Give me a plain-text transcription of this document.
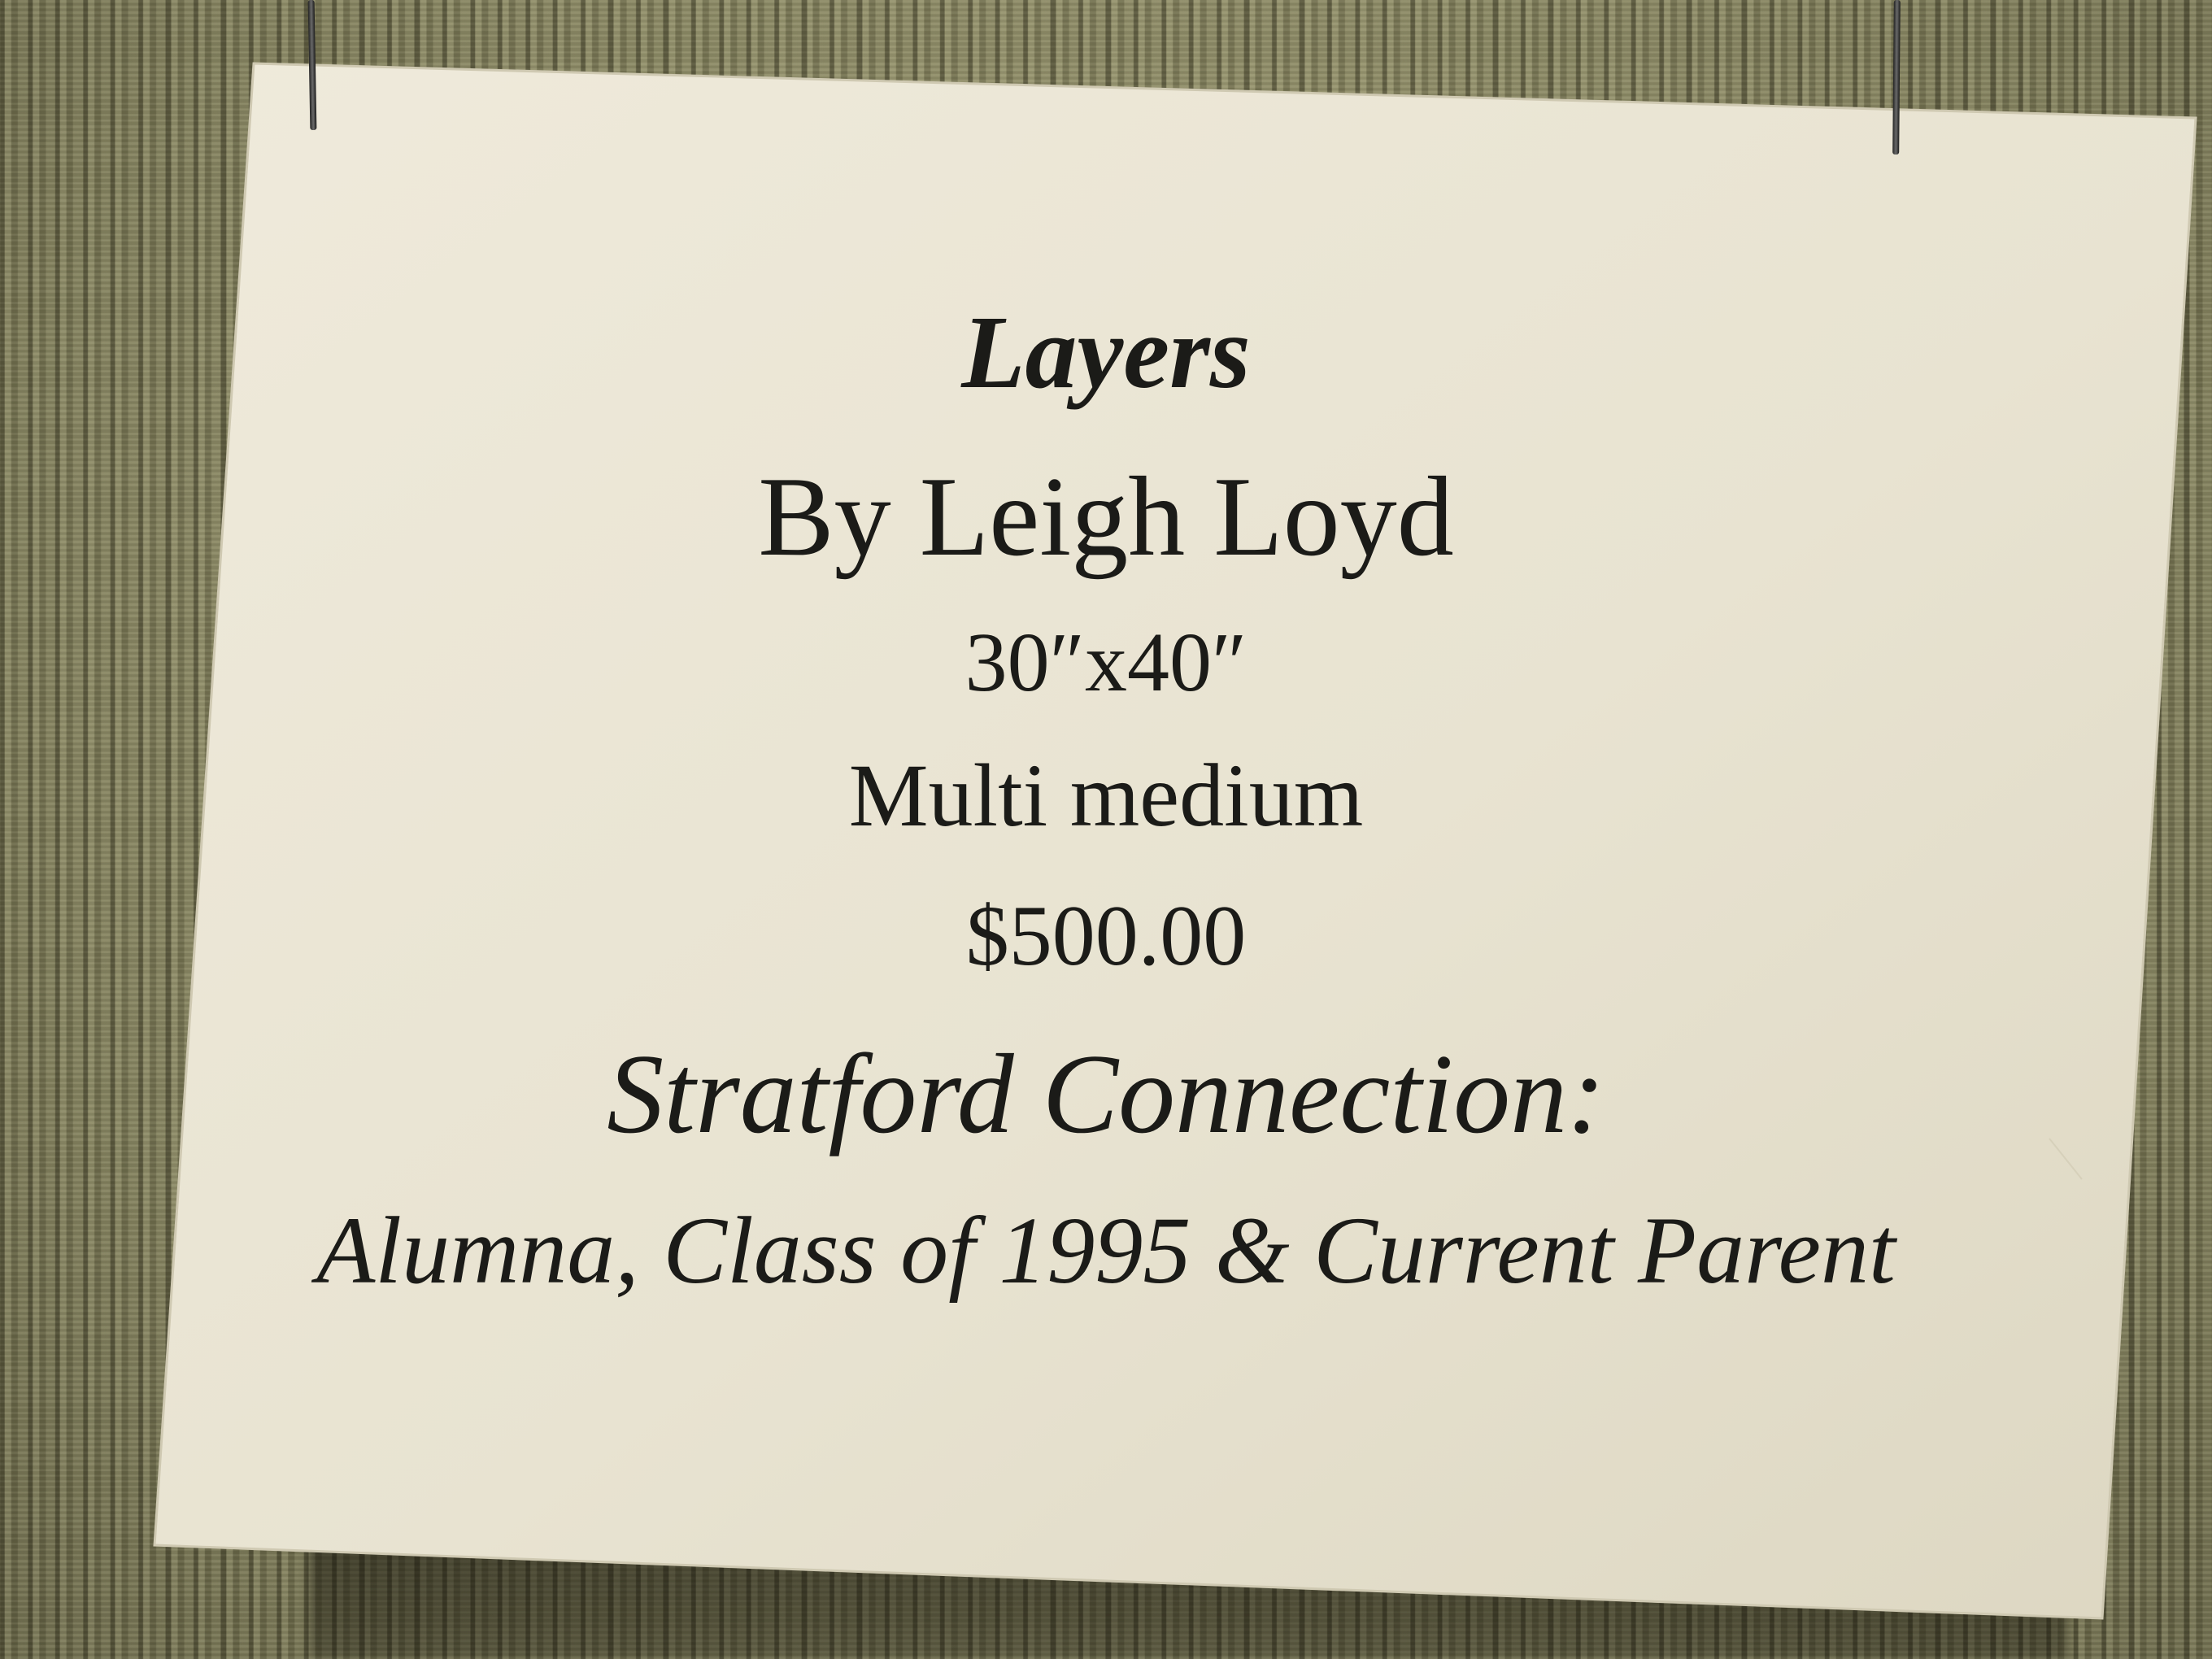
Layers
By Leigh Loyd
30″x40″
Multi medium
$500.00
Stratford Connection:
Alumna, Class of 1995 & Current Parent
